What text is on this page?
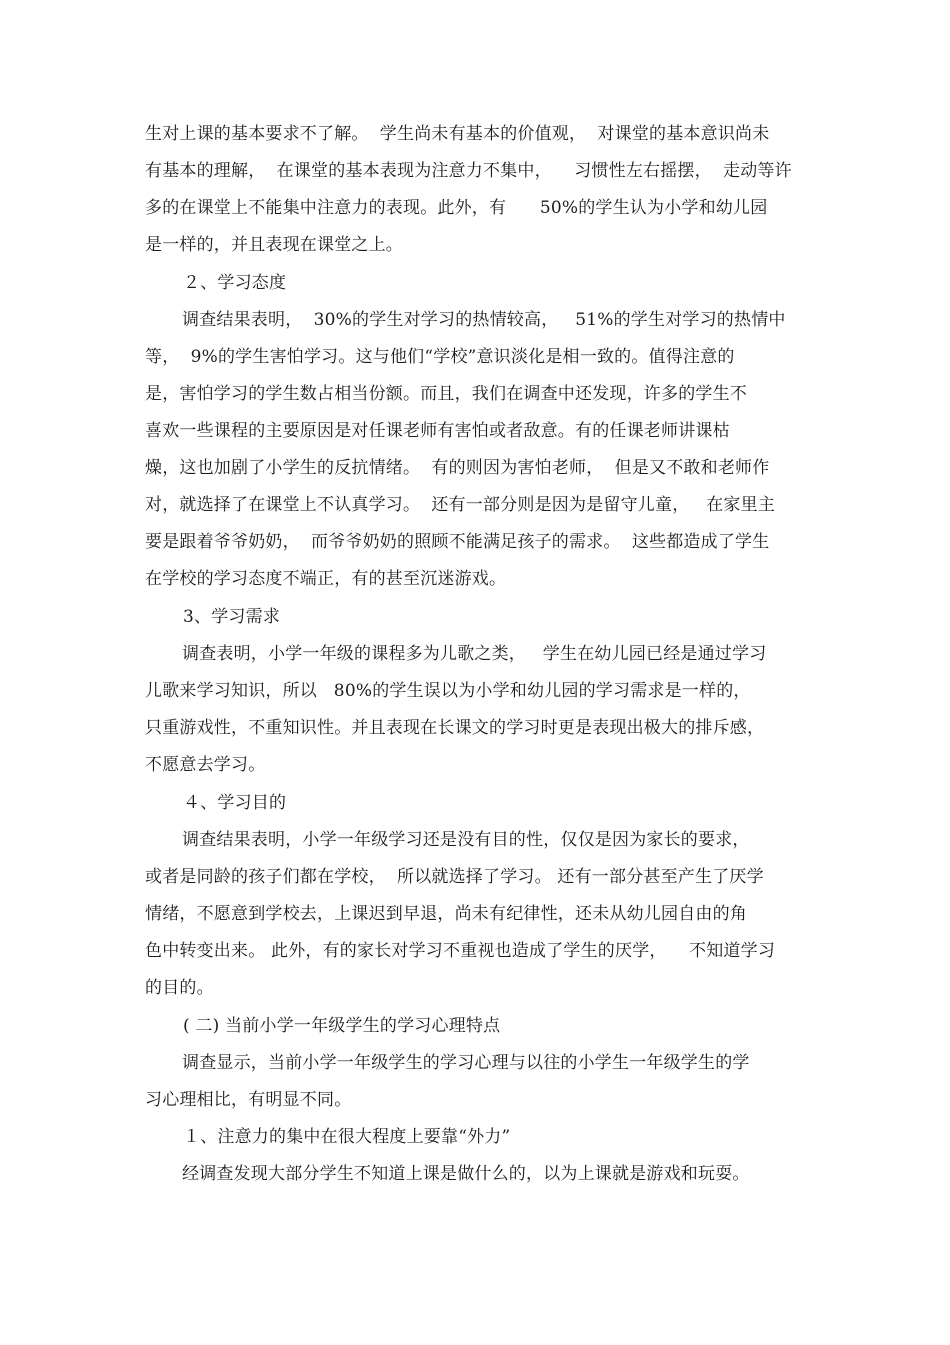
生对上课的基本要求不了解。  学生尚未有基本的价值观，  对课堂的基本意识尚未
有基本的理解，  在课堂的基本表现为注意力不集中，    习惯性左右摇摆，  走动等许
多的在课堂上不能集中注意力的表现。此外，有      50%的学生认为小学和幼儿园
是一样的，并且表现在课堂之上。
２、学习态度
调查结果表明，  30%的学生对学习的热情较高，   51%的学生对学习的热情中
等，  9%的学生害怕学习。这与他们“学校”意识淡化是相一致的。值得注意的
是，害怕学习的学生数占相当份额。而且，我们在调查中还发现，许多的学生不
喜欢一些课程的主要原因是对任课老师有害怕或者敌意。有的任课老师讲课枯
燥，这也加剧了小学生的反抗情绪。  有的则因为害怕老师，  但是又不敢和老师作
对，就选择了在课堂上不认真学习。  还有一部分则是因为是留守儿童，   在家里主
要是跟着爷爷奶奶，  而爷爷奶奶的照顾不能满足孩子的需求。  这些都造成了学生
在学校的学习态度不端正，有的甚至沉迷游戏。
3、学习需求
调查表明，小学一年级的课程多为儿歌之类，   学生在幼儿园已经是通过学习
儿歌来学习知识，所以   80%的学生误以为小学和幼儿园的学习需求是一样的，
只重游戏性，不重知识性。并且表现在长课文的学习时更是表现出极大的排斥感，
不愿意去学习。
４、学习目的
调查结果表明，小学一年级学习还是没有目的性，仅仅是因为家长的要求，
或者是同龄的孩子们都在学校，  所以就选择了学习。 还有一部分甚至产生了厌学
情绪，不愿意到学校去，上课迟到早退，尚未有纪律性，还未从幼儿园自由的角
色中转变出来。 此外，有的家长对学习不重视也造成了学生的厌学，    不知道学习
的目的。
( 二) 当前小学一年级学生的学习心理特点
调查显示，当前小学一年级学生的学习心理与以往的小学生一年级学生的学
习心理相比，有明显不同。
１、注意力的集中在很大程度上要靠“外力”
经调查发现大部分学生不知道上课是做什么的，以为上课就是游戏和玩耍。
